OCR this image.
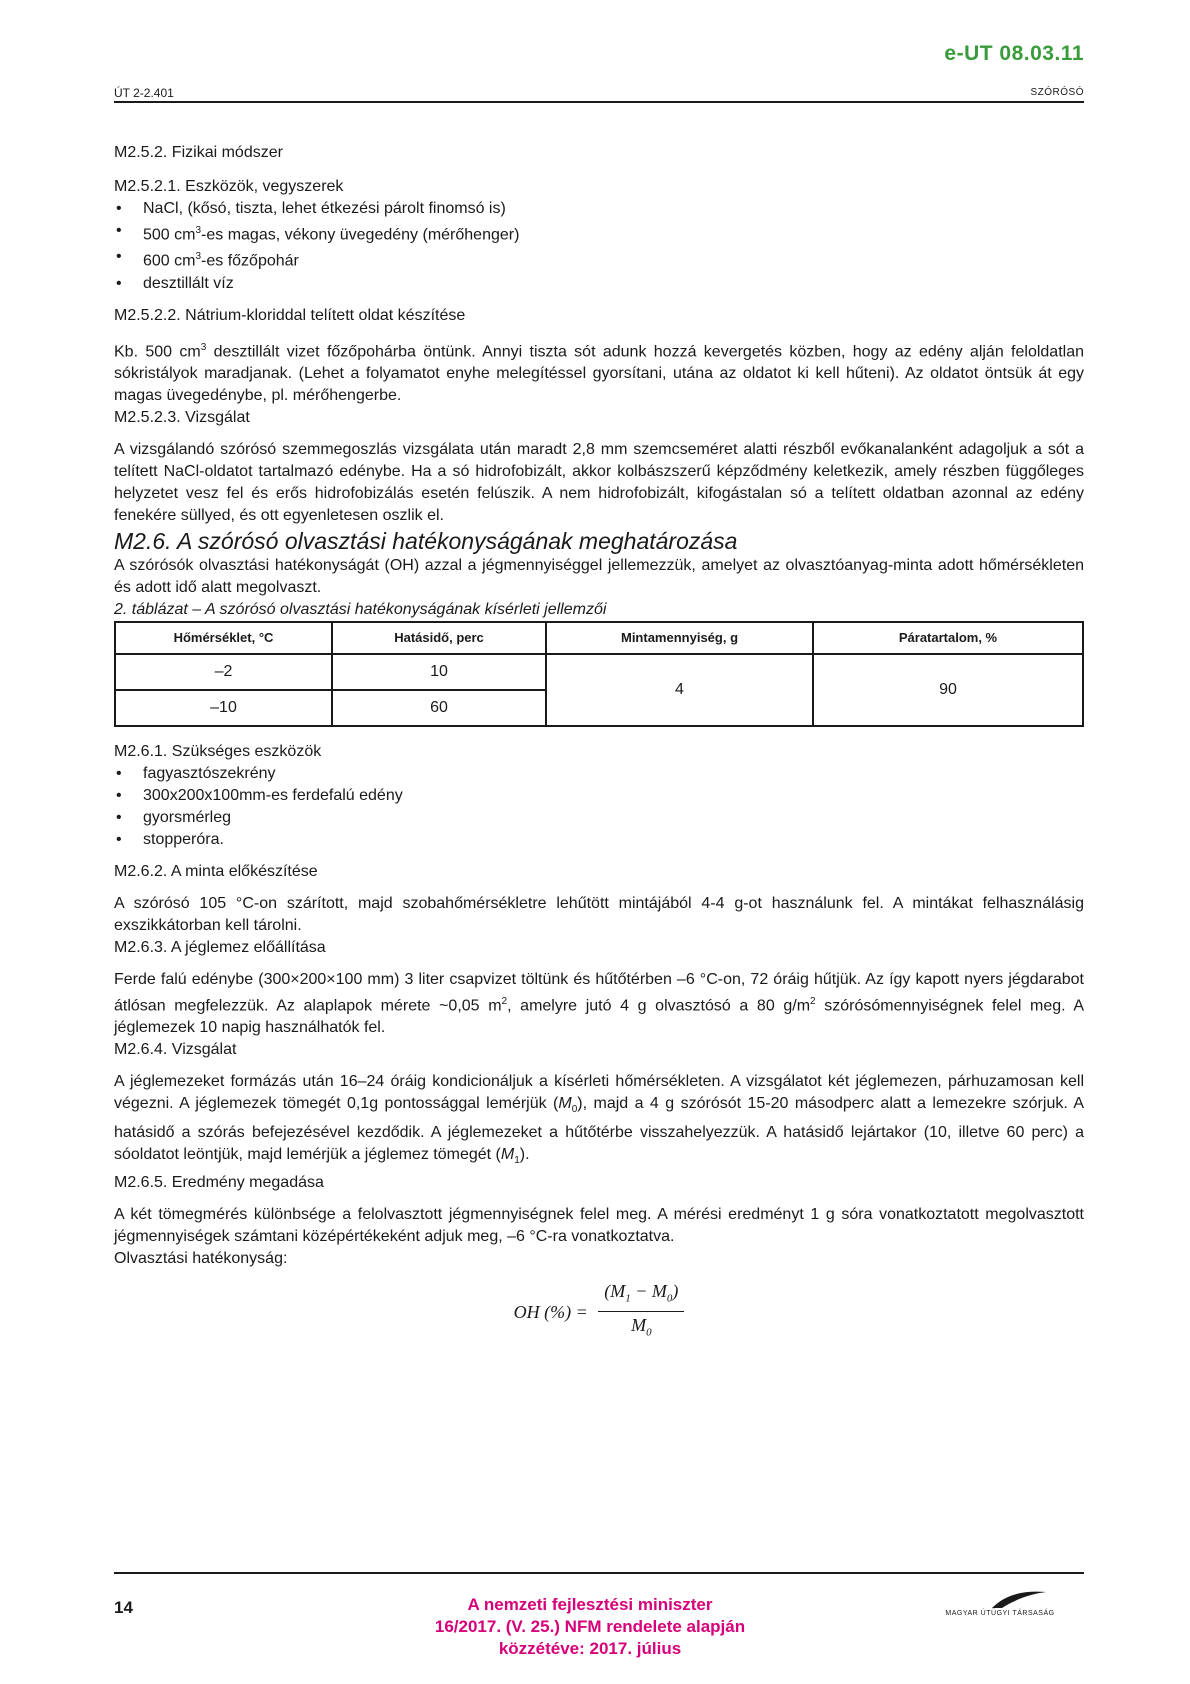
e-UT 08.03.11
ÚT 2-2.401	SZÓRÓSÓ

M2.5.2. Fizikai módszer

M2.5.2.1. Eszközök, vegyszerek

• NaCl, (kősó, tiszta, lehet étkezési párolt finomsó is)
• 500 $cm^3-es$ magas, vékony üvegedény (mérőhenger)
• 600 $cm^3-es$ főzőpohár
• desztillált víz

M2.5.2.2. Nátrium-kloriddal telített oldat készítése

Kb. 500 $cm^3$ desztillált vizet főzőpohárba öntünk. Annyi tiszta sót adunk hozzá kevergetés közben, hogy az edény alján feloldatlan sókristályok maradjanak. (Lehet a folyamatot enyhe melegítéssel gyorsítani, utána az oldatot ki kell hűteni). Az oldatot öntsük át egy magas üvegedénybe, pl. mérőhengerbe.

M2.5.2.3. Vizsgálat

A vizsgálandó szórósó szemmegoszlás vizsgálata után maradt 2,8 mm szemcseméret alatti részből evőkanalanként adagoljuk a sót a telített NaCl-oldatot tartalmazó edénybe. Ha a só hidrofobizált, akkor kolbászszerű képződmény keletkezik, amely részben függőleges helyzetet vesz fel és erős hidrofobizálás esetén felúszik. A nem hidrofobizált, kifogástalan só a telített oldatban azonnal az edény fenekére süllyed, és ott egyenletesen oszlik el.

M2.6. A szórósó olvasztási hatékonyságának meghatározása

A szórósók olvasztási hatékonyságát (OH) azzal a jégmennyiséggel jellemezzük, amelyet az olvasztóanyag-minta adott hőmérsékleten és adott idő alatt megolvaszt.

2. táblázat – A szórósó olvasztási hatékonyságának kísérleti jellemzői

Hőmérséklet, °C	Hatásidő, perc	Mintamennyiség, g	Páratartalom, %
–2	10	4	90
–10	60		

M2.6.1. Szükséges eszközök

• fagyasztószekrény
• 300x200x100mm-es ferdefalú edény
• gyorsmérleg
• stopperóra.

M2.6.2. A minta előkészítése

A szórósó 105 °C-on szárított, majd szobahőmérsékletre lehűtött mintájából 4-4 g-ot használunk fel. A mintákat felhasználásig exszikkátorban kell tárolni.

M2.6.3. A jéglemez előállítása

Ferde falú edénybe (300×200×100 mm) 3 liter csapvizet töltünk és hűtőtérben –6 °C-on, 72 óráig hűtjük. Az így kapott nyers jégdarabot átlósan megfelezzük. Az alaplapok mérete ~0,05 $m^2$, amelyre jutó 4 g olvasztósó a 80 $g/m^2$ szórósómennyiségnek felel meg. A jéglemezek 10 napig használhatók fel.

M2.6.4. Vizsgálat

A jéglemezeket formázás után 16–24 óráig kondicionáljuk a kísérleti hőmérsékleten. A vizsgálatot két jéglemezen, párhuzamosan kell végezni. A jéglemezek tömegét 0,1g pontossággal lemérjük $(M_0)$, majd a 4 g szórósót 15-20 másodperc alatt a lemezekre szórjuk. A hatásidő a szórás befejezésével kezdődik. A jéglemezeket a hűtőtérbe visszahelyezzük. A hatásidő lejártakor (10, illetve 60 perc) a sóoldatot leöntjük, majd lemérjük a jéglemez tömegét $(M_1)$.

M2.6.5. Eredmény megadása

A két tömegmérés különbsége a felolvasztott jégmennyiségnek felel meg. A mérési eredményt 1 g sóra vonatkoztatott megolvasztott jégmennyiségek számtani középértékeként adjuk meg, –6 °C-ra vonatkoztatva.

Olvasztási hatékonyság:

OH (%) = $\frac{(M_1 - M_0)}{M_0}$
14	A nemzeti fejlesztési miniszter
16/2017. (V. 25.) NFM rendelete alapján
közzétéve: 2017. július
MAGYAR ÚTÜGYI TÁRSASÁG
